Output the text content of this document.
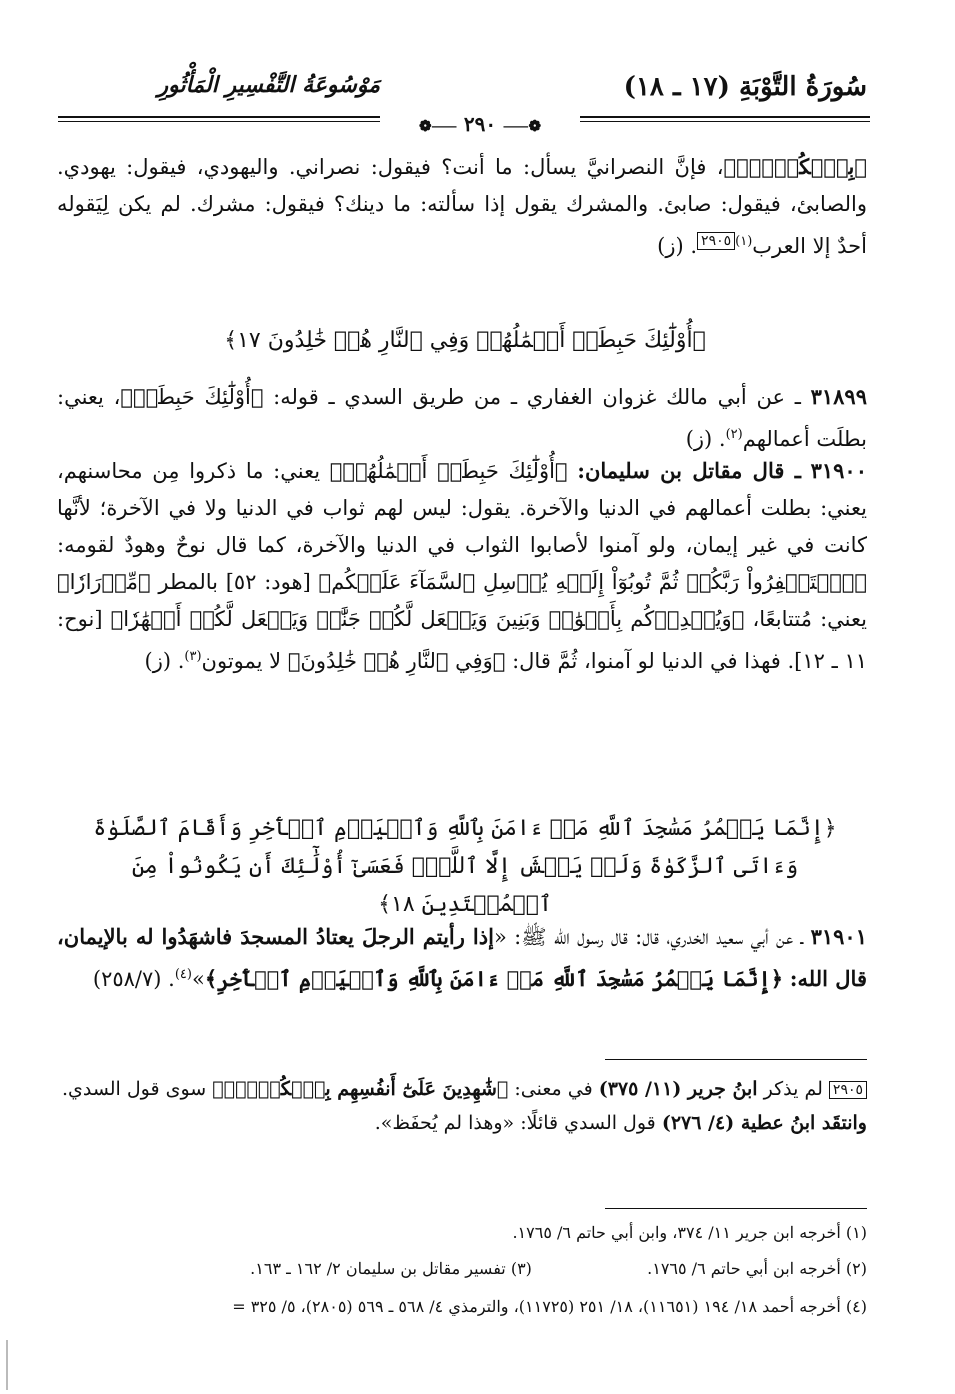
سُورَةُ التَّوْبَةِ (١٧ ـ ١٨)
مَوْسُوعَةُ التَّفْسِيرِ الْمَأْثُورِ
❁⸺ ٢٩٠ ⸺❁
﴿بِٱلۡكُفۡرِۚ﴾، فإنَّ النصرانيَّ يسأل: ما أنت؟ فيقول: نصراني. واليهودي، فيقول: يهودي. والصابئ، فيقول: صابئ. والمشرك يقول إذا سألته: ما دينك؟ فيقول: مشرك. لم يكن لِيَقوله أحدٌ إلا العرب$^{(١)}$٢٩٠٥. (ز)
﴿أُوْلَٰٓئِكَ حَبِطَتۡ أَعۡمَٰلُهُمۡ وَفِي ٱلنَّارِ هُمۡ خَٰلِدُونَ ١٧﴾
٣١٨٩٩ ـ عن أبي مالك غزوان الغفاري ـ من طريق السدي ـ قوله: ﴿أُوْلَٰٓئِكَ حَبِطَتۡ﴾، يعني: بطلَت أعمالهم$^{(٢)}$. (ز)
٣١٩٠٠ ـ قال مقاتل بن سليمان: ﴿أُوْلَٰٓئِكَ حَبِطَتۡ أَعۡمَٰلُهُمۡ﴾ يعني: ما ذكروا مِن محاسنهم، يعني: بطلت أعمالهم في الدنيا والآخرة. يقول: ليس لهم ثواب في الدنيا ولا في الآخرة؛ لأنَّها كانت في غير إيمان، ولو آمنوا لأصابوا الثواب في الدنيا والآخرة، كما قال نوحٌ وهودٌ لقومه: ﴿ٱسۡتَغۡفِرُواْ رَبَّكُمۡ ثُمَّ تُوبُوٓاْ إِلَيۡهِ يُرۡسِلِ ٱلسَّمَآءَ عَلَيۡكُم﴾ [هود: ٥٢] بالمطر ﴿مِّدۡرَارٗا﴾ يعني: مُتتابعًا، ﴿وَيُمۡدِدۡكُم بِأَمۡوَٰلٖ وَبَنِينَ وَيَجۡعَل لَّكُمۡ جَنَّٰتٖ وَيَجۡعَل لَّكُمۡ أَنۡهَٰرٗا﴾ [نوح: ١١ ـ ١٢]. فهذا في الدنيا لو آمنوا، ثُمَّ قال: ﴿وَفِي ٱلنَّارِ هُمۡ خَٰلِدُونَ﴾ لا يموتون$^{(٣)}$. (ز)
﴿إِنَّمَا يَعۡمُرُ مَسَٰجِدَ ٱللَّهِ مَنۡ ءَامَنَ بِٱللَّهِ وَٱلۡيَوۡمِ ٱلۡأٓخِرِ وَأَقَامَ ٱلصَّلَوٰةَ وَءَاتَى ٱلزَّكَوٰةَ وَلَمۡ يَخۡشَ إِلَّا ٱللَّهَۖ فَعَسَىٰٓ أُوْلَٰٓئِكَ أَن يَكُونُواْ مِنَ ٱلۡمُهۡتَدِينَ ١٨﴾
٣١٩٠١ ـ عن أبي سعيد الخدري، قال: قال رسول الله ﷺ: «إذا رأيتم الرجلَ يعتادُ المسجدَ فاشهَدُوا له بالإيمان، قال الله: ﴿إِنَّمَا يَعۡمُرُ مَسَٰجِدَ ٱللَّهِ مَنۡ ءَامَنَ بِٱللَّهِ وَٱلۡيَوۡمِ ٱلۡأٓخِرِ﴾»$^{(٤)}$. (٢٥٨/٧)
٢٩٠٥ لم يذكر ابنُ جرير (١١/ ٣٧٥) في معنى: ﴿شَٰهِدِينَ عَلَىٰٓ أَنفُسِهِم بِٱلۡكُفۡرِۚ﴾ سوى قول السدي.
وانتقَد ابنُ عطية (٤/ ٢٧٦) قول السدي قائلًا: «وهذا لم يُحفَظ».
(١) أخرجه ابن جرير ١١/ ٣٧٤، وابن أبي حاتم ٦/ ١٧٦٥.
(٢) أخرجه ابن أبي حاتم ٦/ ١٧٦٥. (٣) تفسير مقاتل بن سليمان ٢/ ١٦٢ ـ ١٦٣.
(٤) أخرجه أحمد ١٨/ ١٩٤ (١١٦٥١)، ١٨/ ٢٥١ (١١٧٢٥)، والترمذي ٤/ ٥٦٨ ـ ٥٦٩ (٢٨٠٥)، ٥/ ٣٢٥ =
